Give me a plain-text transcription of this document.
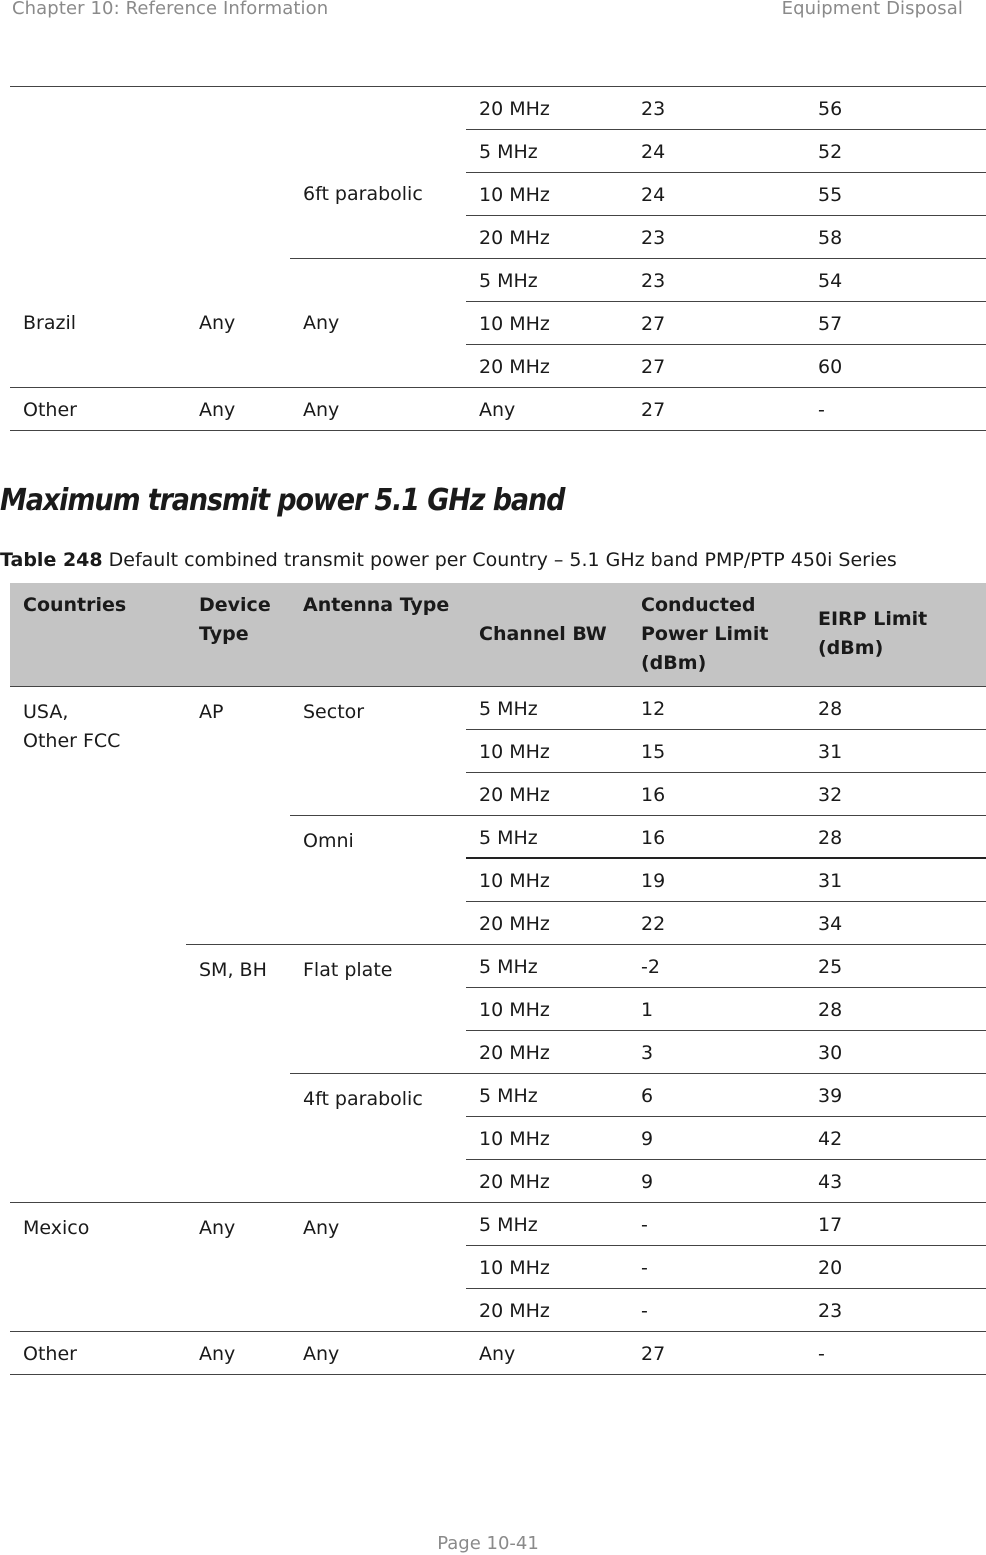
Chapter 10: Reference Information	Equipment Disposal
			20 MHz	23	56
		6ft parabolic	5 MHz	24	52
			10 MHz	24	55
			20 MHz	23	58
Brazil	Any	Any	5 MHz	23	54
			10 MHz	27	57
			20 MHz	27	60
Other	Any	Any	Any	27	-
Maximum transmit power 5.1 GHz band
Table 248 Default combined transmit power per Country – 5.1 GHz band PMP/PTP 450i Series
Countries	Device Type	Antenna Type	Channel BW	Conducted Power Limit (dBm)	EIRP Limit (dBm)
USA,
Other FCC	AP	Sector	5 MHz	12	28
			10 MHz	15	31
			20 MHz	16	32
		Omni	5 MHz	16	28
			10 MHz	19	31
			20 MHz	22	34
	SM, BH	Flat plate	5 MHz	-2	25
			10 MHz	1	28
			20 MHz	3	30
		4ft parabolic	5 MHz	6	39
			10 MHz	9	42
			20 MHz	9	43
Mexico	Any	Any	5 MHz	-	17
			10 MHz	-	20
			20 MHz	-	23
Other	Any	Any	Any	27	-
Page 10-41
